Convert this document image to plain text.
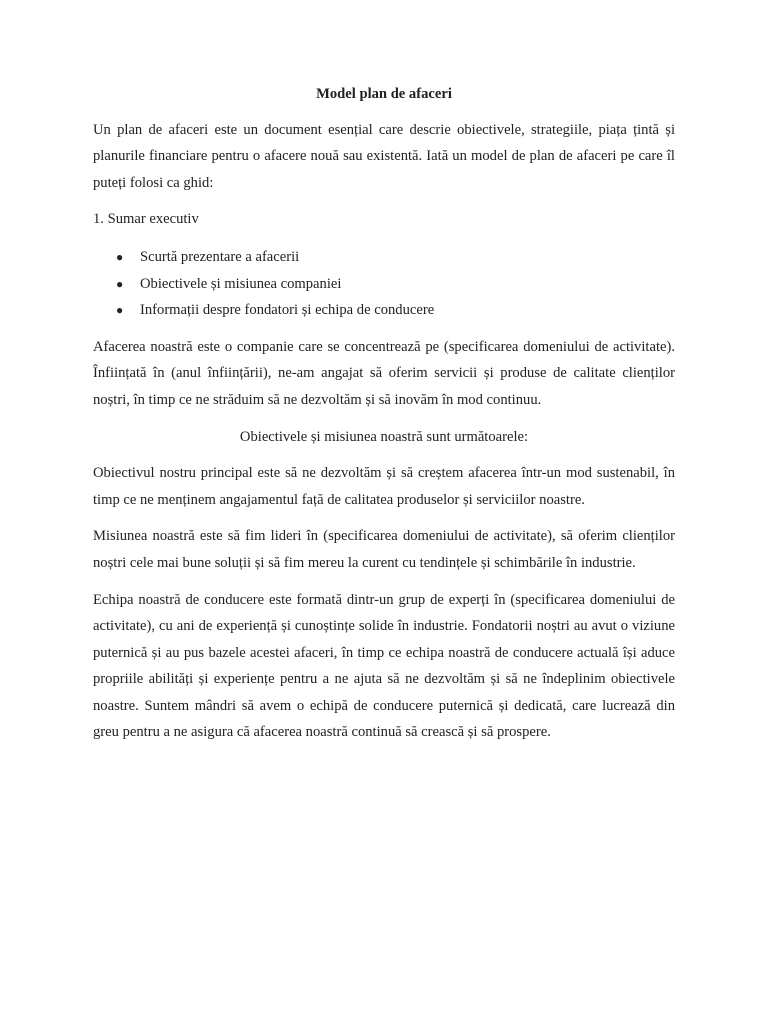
Model plan de afaceri

Un plan de afaceri este un document esențial care descrie obiectivele, strategiile, piața țintă și planurile financiare pentru o afacere nouă sau existentă. Iată un model de plan de afaceri pe care îl puteți folosi ca ghid:

1. Sumar executiv

● Scurtă prezentare a afacerii
● Obiectivele și misiunea companiei
● Informații despre fondatori și echipa de conducere

Afacerea noastră este o companie care se concentrează pe (specificarea domeniului de activitate). Înființată în (anul înființării), ne-am angajat să oferim servicii și produse de calitate clienților noștri, în timp ce ne străduim să ne dezvoltăm și să inovăm în mod continuu.

Obiectivele și misiunea noastră sunt următoarele:

Obiectivul nostru principal este să ne dezvoltăm și să creștem afacerea într-un mod sustenabil, în timp ce ne menținem angajamentul față de calitatea produselor și serviciilor noastre.

Misiunea noastră este să fim lideri în (specificarea domeniului de activitate), să oferim clienților noștri cele mai bune soluții și să fim mereu la curent cu tendințele și schimbările în industrie.

Echipa noastră de conducere este formată dintr-un grup de experți în (specificarea domeniului de activitate), cu ani de experiență și cunoștințe solide în industrie. Fondatorii noștri au avut o viziune puternică și au pus bazele acestei afaceri, în timp ce echipa noastră de conducere actuală își aduce propriile abilități și experiențe pentru a ne ajuta să ne dezvoltăm și să ne îndeplinim obiectivele noastre. Suntem mândri să avem o echipă de conducere puternică și dedicată, care lucrează din greu pentru a ne asigura că afacerea noastră continuă să crească și să prospere.
